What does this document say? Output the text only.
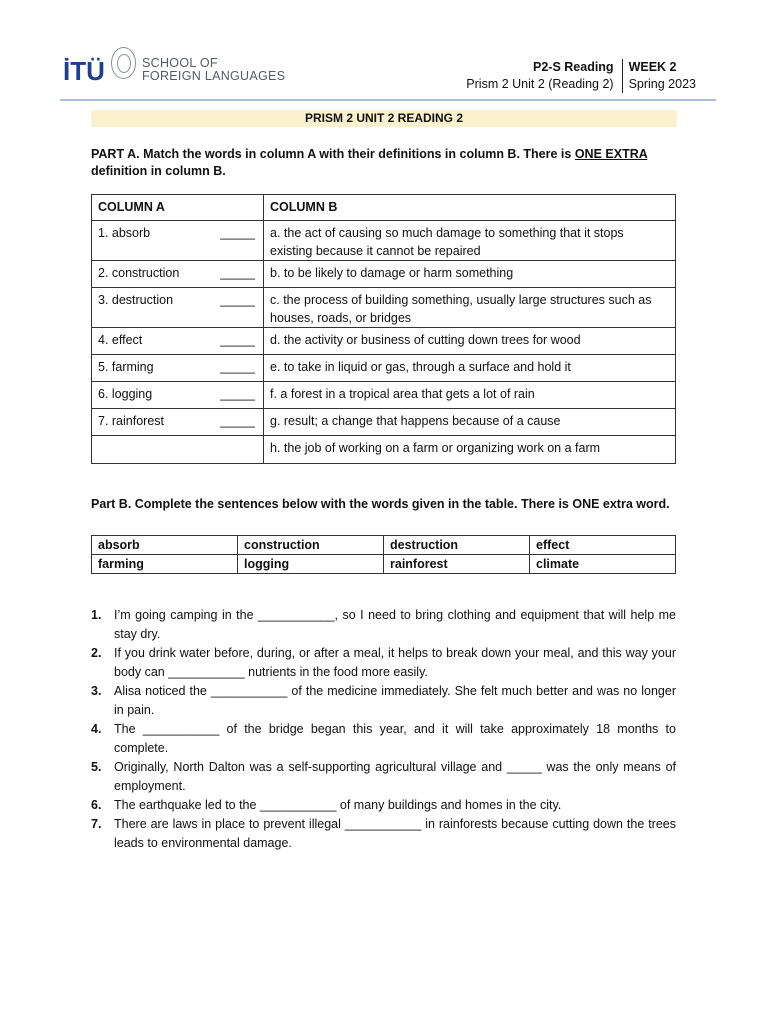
İTÜ	SCHOOL OF
FOREIGN LANGUAGES
P2-S Reading
Prism 2 Unit 2 (Reading 2)
WEEK 2
Spring 2023
PRISM 2 UNIT 2 READING 2
PART A. Match the words in column A with their definitions in column B. There is ONE EXTRA definition in column B.
COLUMN A	COLUMN B
1. absorb _____	a. the act of causing so much damage to something that it stops existing because it cannot be repaired
2. construction _____	b. to be likely to damage or harm something
3. destruction _____	c. the process of building something, usually large structures such as houses, roads, or bridges
4. effect _____	d. the activity or business of cutting down trees for wood
5. farming _____	e. to take in liquid or gas, through a surface and hold it
6. logging _____	f. a forest in a tropical area that gets a lot of rain
7. rainforest _____	g. result; a change that happens because of a cause
	h. the job of working on a farm or organizing work on a farm
Part B. Complete the sentences below with the words given in the table. There is ONE extra word.
absorb	construction	destruction	effect
farming	logging	rainforest	climate
1. I’m going camping in the ___________, so I need to bring clothing and equipment that will help me stay dry.
2. If you drink water before, during, or after a meal, it helps to break down your meal, and this way your body can ___________ nutrients in the food more easily.
3. Alisa noticed the ___________ of the medicine immediately. She felt much better and was no longer in pain.
4. The ___________ of the bridge began this year, and it will take approximately 18 months to complete.
5. Originally, North Dalton was a self-supporting agricultural village and _____ was the only means of employment.
6. The earthquake led to the ___________ of many buildings and homes in the city.
7. There are laws in place to prevent illegal ___________ in rainforests because cutting down the trees leads to environmental damage.
